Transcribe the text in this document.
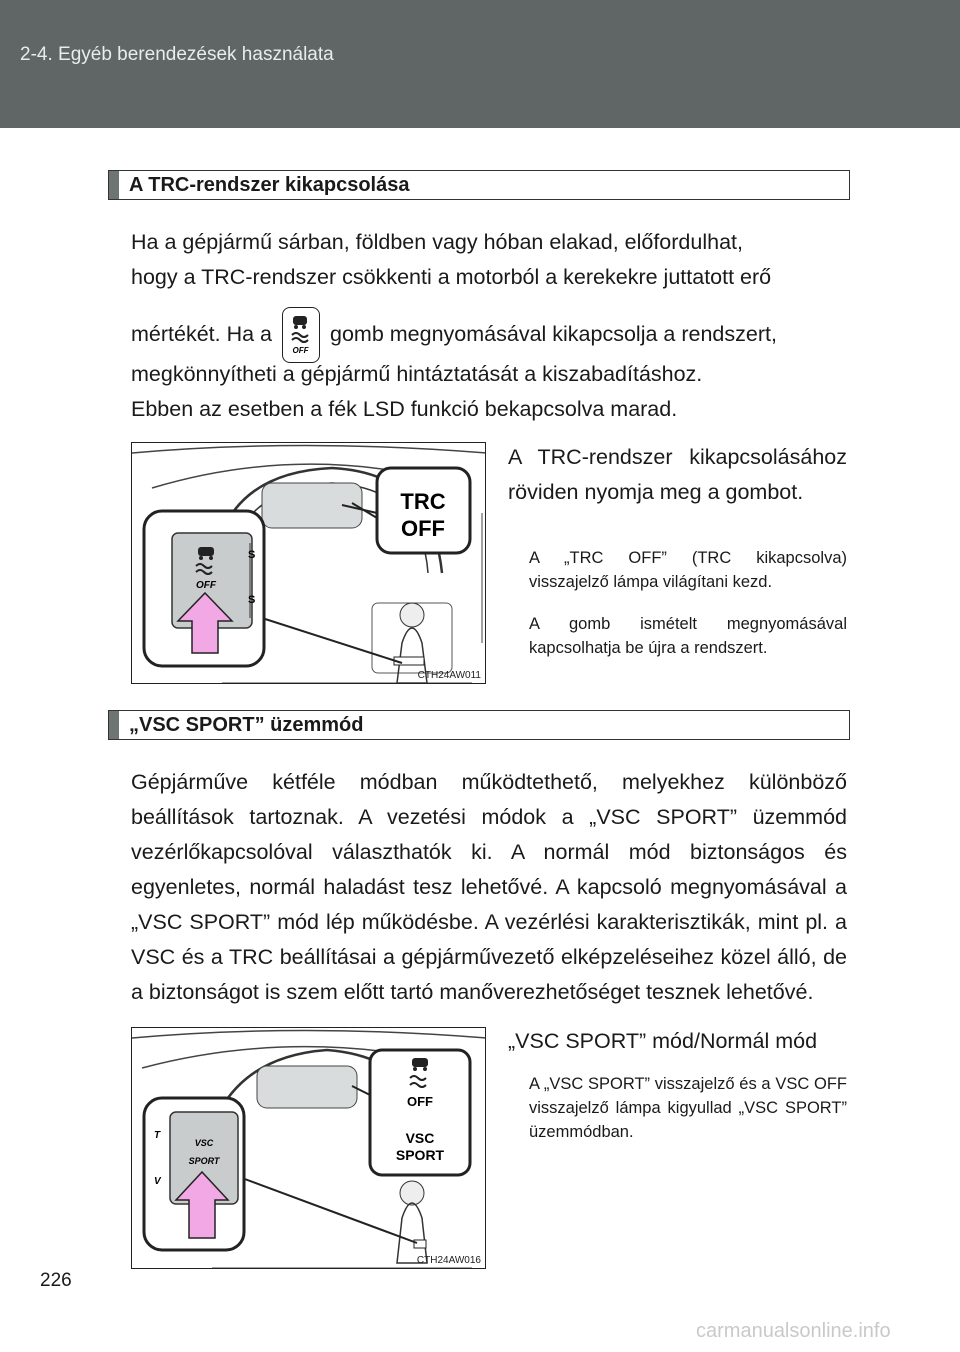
2-4. Egyéb berendezések használata
A TRC-rendszer kikapcsolása
Ha a gépjármű sárban, földben vagy hóban elakad, előfordulhat,
hogy a TRC-rendszer csökkenti a motorból a kerekekre juttatott erő
mértékét. Ha a
OFF
gomb megnyomásával kikapcsolja a rendszert,
megkönnyítheti a gépjármű hintáztatását a kiszabadításhoz.
Ebben az esetben a fék LSD funkció bekapcsolva marad.
TRC
OFF
OFF
S
S
CTH24AW011

A TRC-rendszer kikapcsolásához röviden nyomja meg a gombot.

A „TRC OFF” (TRC kikapcsolva) visszajelző lámpa világítani kezd.

A gomb ismételt megnyomásával kapcsolhatja be újra a rendszert.

„VSC SPORT” üzemmód

Gépjárműve kétféle módban működtethető, melyekhez különböző beállítások tartoznak. A vezetési módok a „VSC SPORT” üzemmód vezérlőkapcsolóval választhatók ki. A normál mód biztonságos és egyenletes, normál haladást tesz lehetővé. A kapcsoló megnyomásával a „VSC SPORT” mód lép működésbe. A vezérlési karakterisztikák, mint pl. a VSC és a TRC beállításai a gépjárművezető elképzeléseihez közel álló, de a biztonságot is szem előtt tartó manőverezhetőséget tesznek lehetővé.

OFF
VSC
SPORT
T
V
VSC
SPORT
CTH24AW016

„VSC SPORT” mód/Normál mód

A „VSC SPORT” visszajelző és a VSC OFF visszajelző lámpa kigyullad „VSC SPORT” üzemmódban.

226
carmanualsonline.info
